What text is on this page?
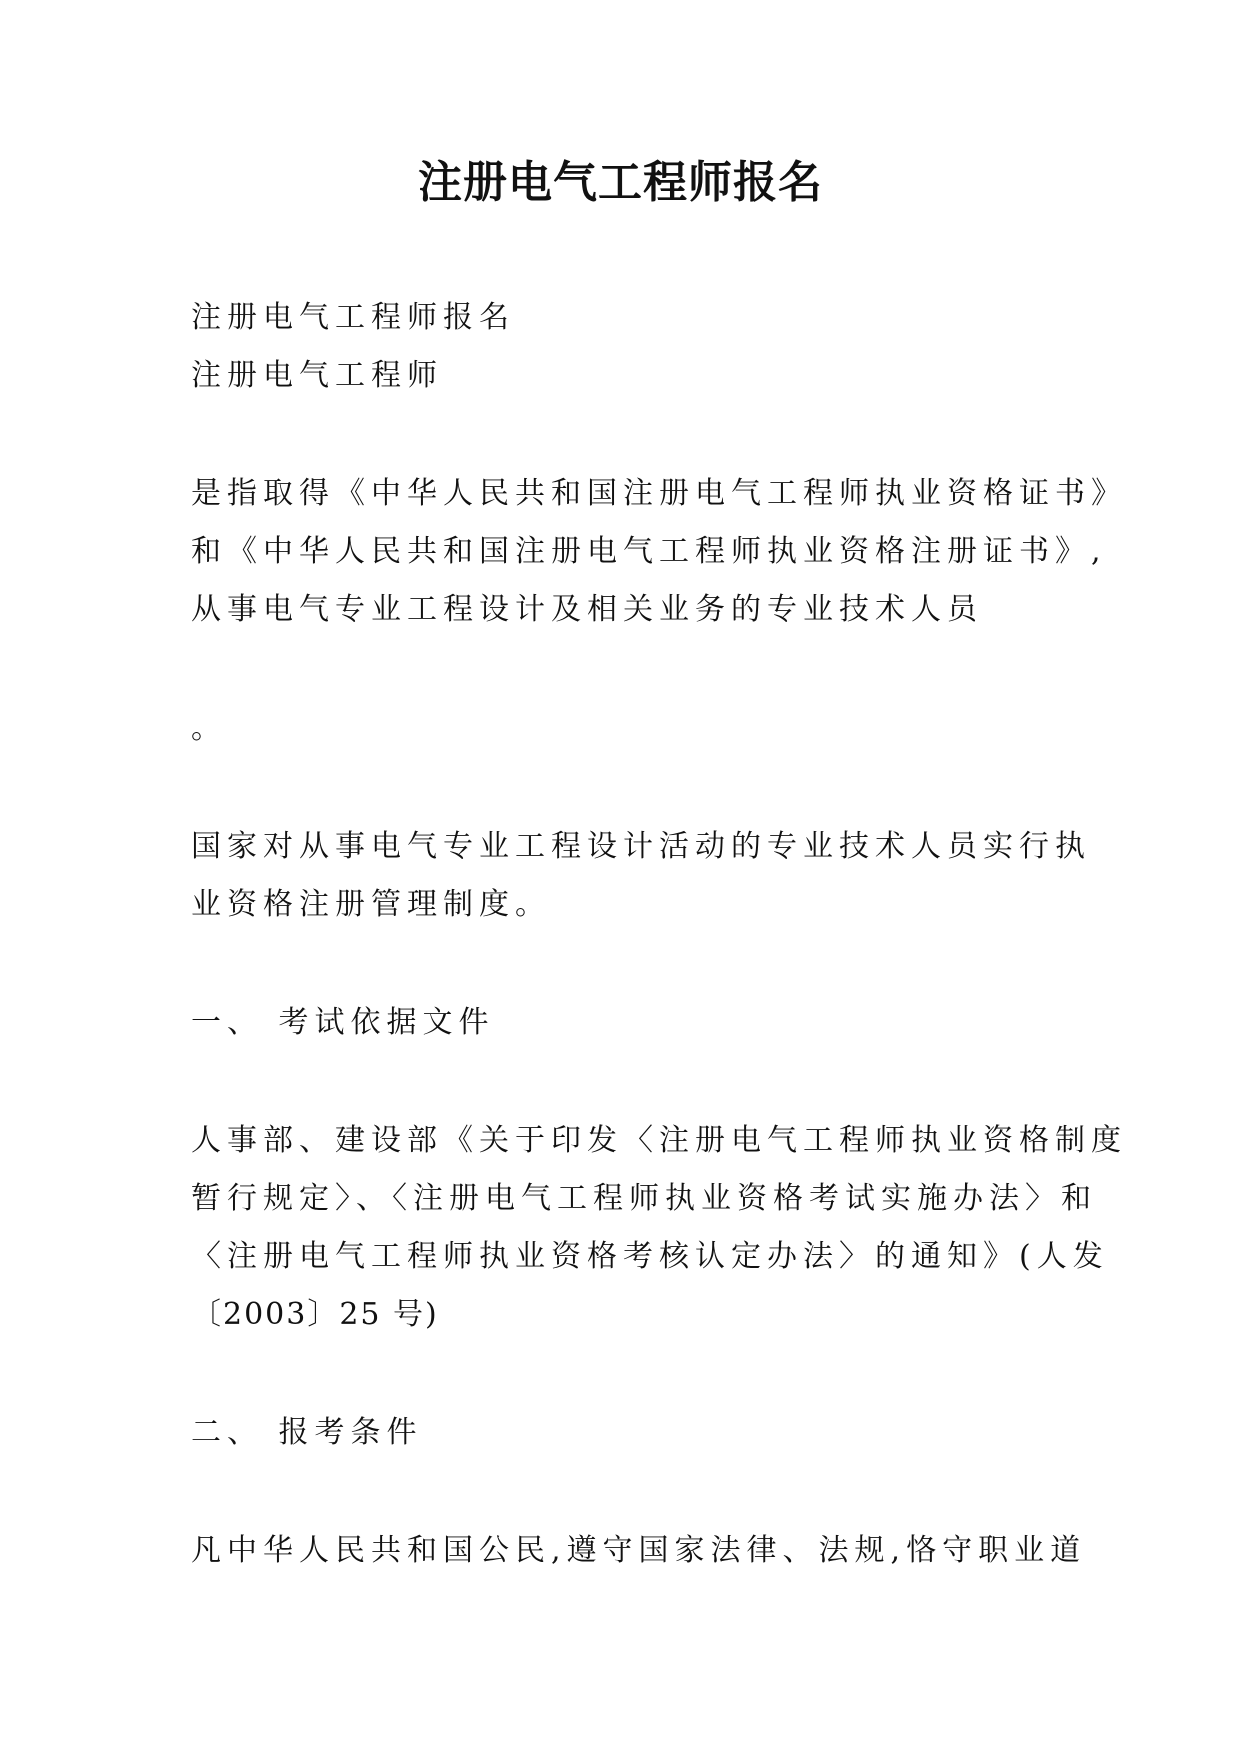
注册电气工程师报名

注册电气工程师报名

注册电气工程师

是指取得《中华人民共和国注册电气工程师执业资格证书》

和《中华人民共和国注册电气工程师执业资格注册证书》,

从事电气专业工程设计及相关业务的专业技术人员

。

国家对从事电气专业工程设计活动的专业技术人员实行执

业资格注册管理制度。

一、 考试依据文件

人事部、建设部《关于印发〈注册电气工程师执业资格制度

暂行规定〉、〈注册电气工程师执业资格考试实施办法〉和

〈注册电气工程师执业资格考核认定办法〉的通知》(人发

〔2003〕25 号)

二、 报考条件

凡中华人民共和国公民,遵守国家法律、法规,恪守职业道
